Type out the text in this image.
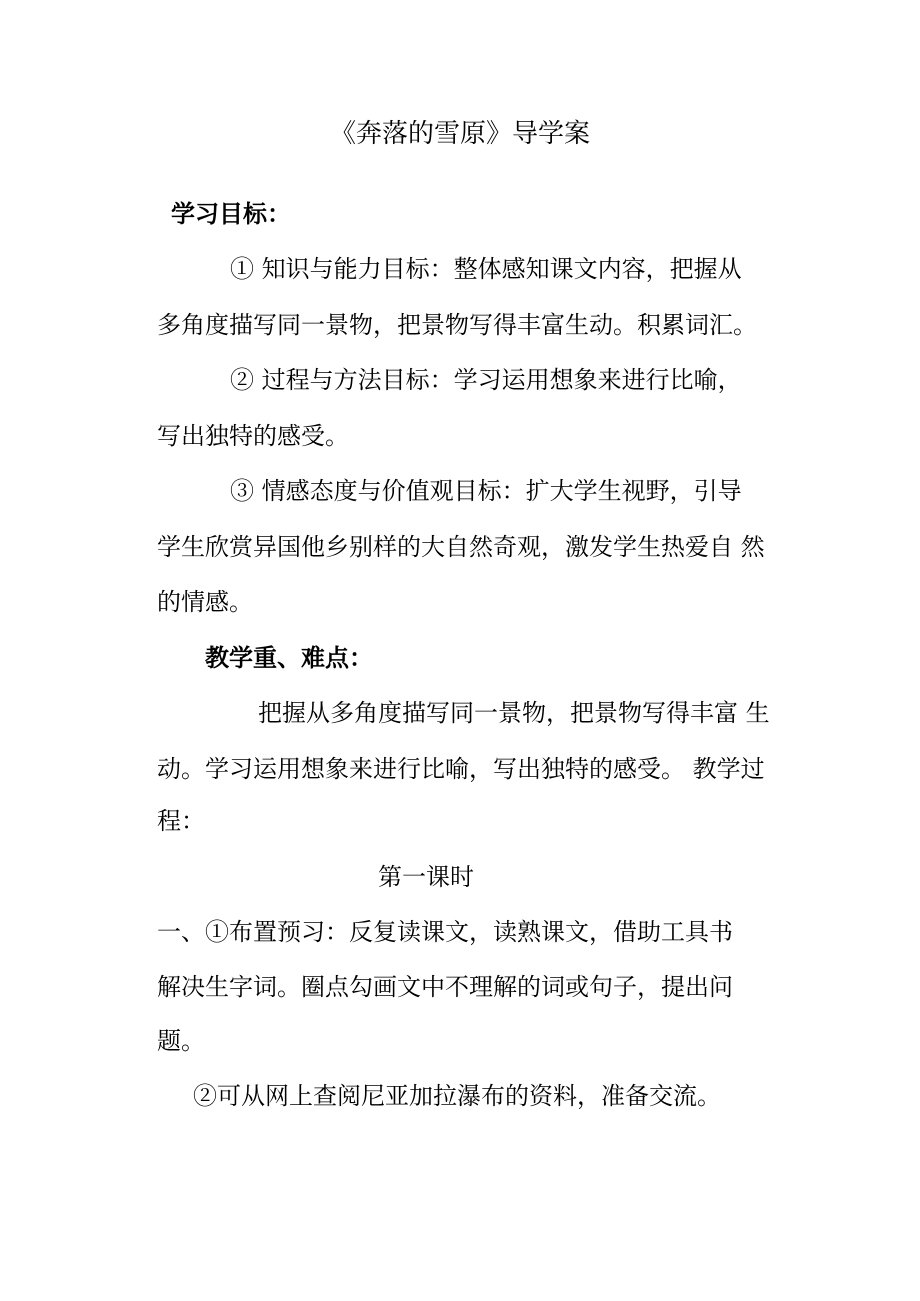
《奔落的雪原》导学案

学习目标：

① 知识与能力目标：整体感知课文内容，把握从

多角度描写同一景物，把景物写得丰富生动。积累词汇。

② 过程与方法目标：学习运用想象来进行比喻，

写出独特的感受。

③ 情感态度与价值观目标：扩大学生视野，引导

学生欣赏异国他乡别样的大自然奇观，激发学生热爱自 然

的情感。

教学重、难点：

把握从多角度描写同一景物，把景物写得丰富 生

动。学习运用想象来进行比喻，写出独特的感受。 教学过

程：

第一课时

一、①布置预习：反复读课文，读熟课文，借助工具书

解决生字词。圈点勾画文中不理解的词或句子，提出问

题。

②可从网上查阅尼亚加拉瀑布的资料，准备交流。
